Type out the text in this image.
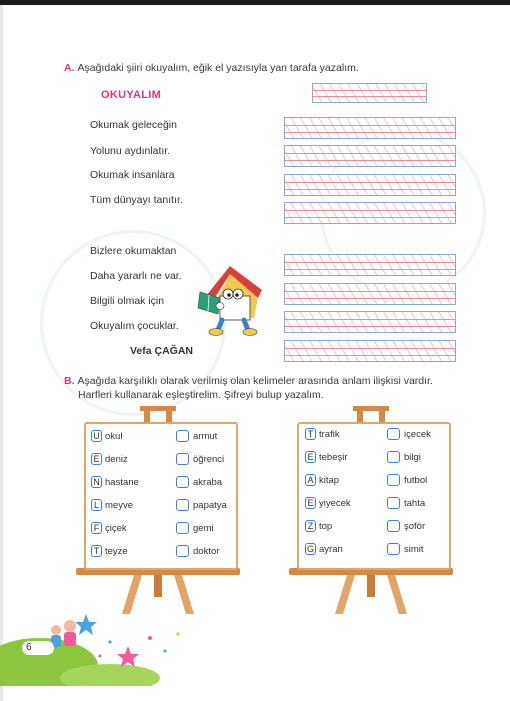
A. Aşağıdaki şiiri okuyalım, eğik el yazısıyla yan tarafa yazalım.
OKUYALIM
Okumak geleceğin
Yolunu aydınlatır.
Okumak insanlara
Tüm dünyayı tanıtır.
Bizlere okumaktan
Daha yararlı ne var.
Bilgili olmak için
Okuyalım çocuklar.
Vefa ÇAĞAN
B. Aşağıda karşılıklı olarak verilmiş olan kelimeler arasında anlam ilişkisi vardır.
Harfleri kullanarak eşleştirelim. Şifreyi bulup yazalım.
U okul
E deniz
N hastane
L meyve
F çiçek
T teyze
armut
öğrenci
akraba
papatya
gemi
doktor
T trafik
E tebeşir
A kitap
E yiyecek
Z top
G ayran
içecek
bilgi
futbol
tahta
şoför
simit
6
